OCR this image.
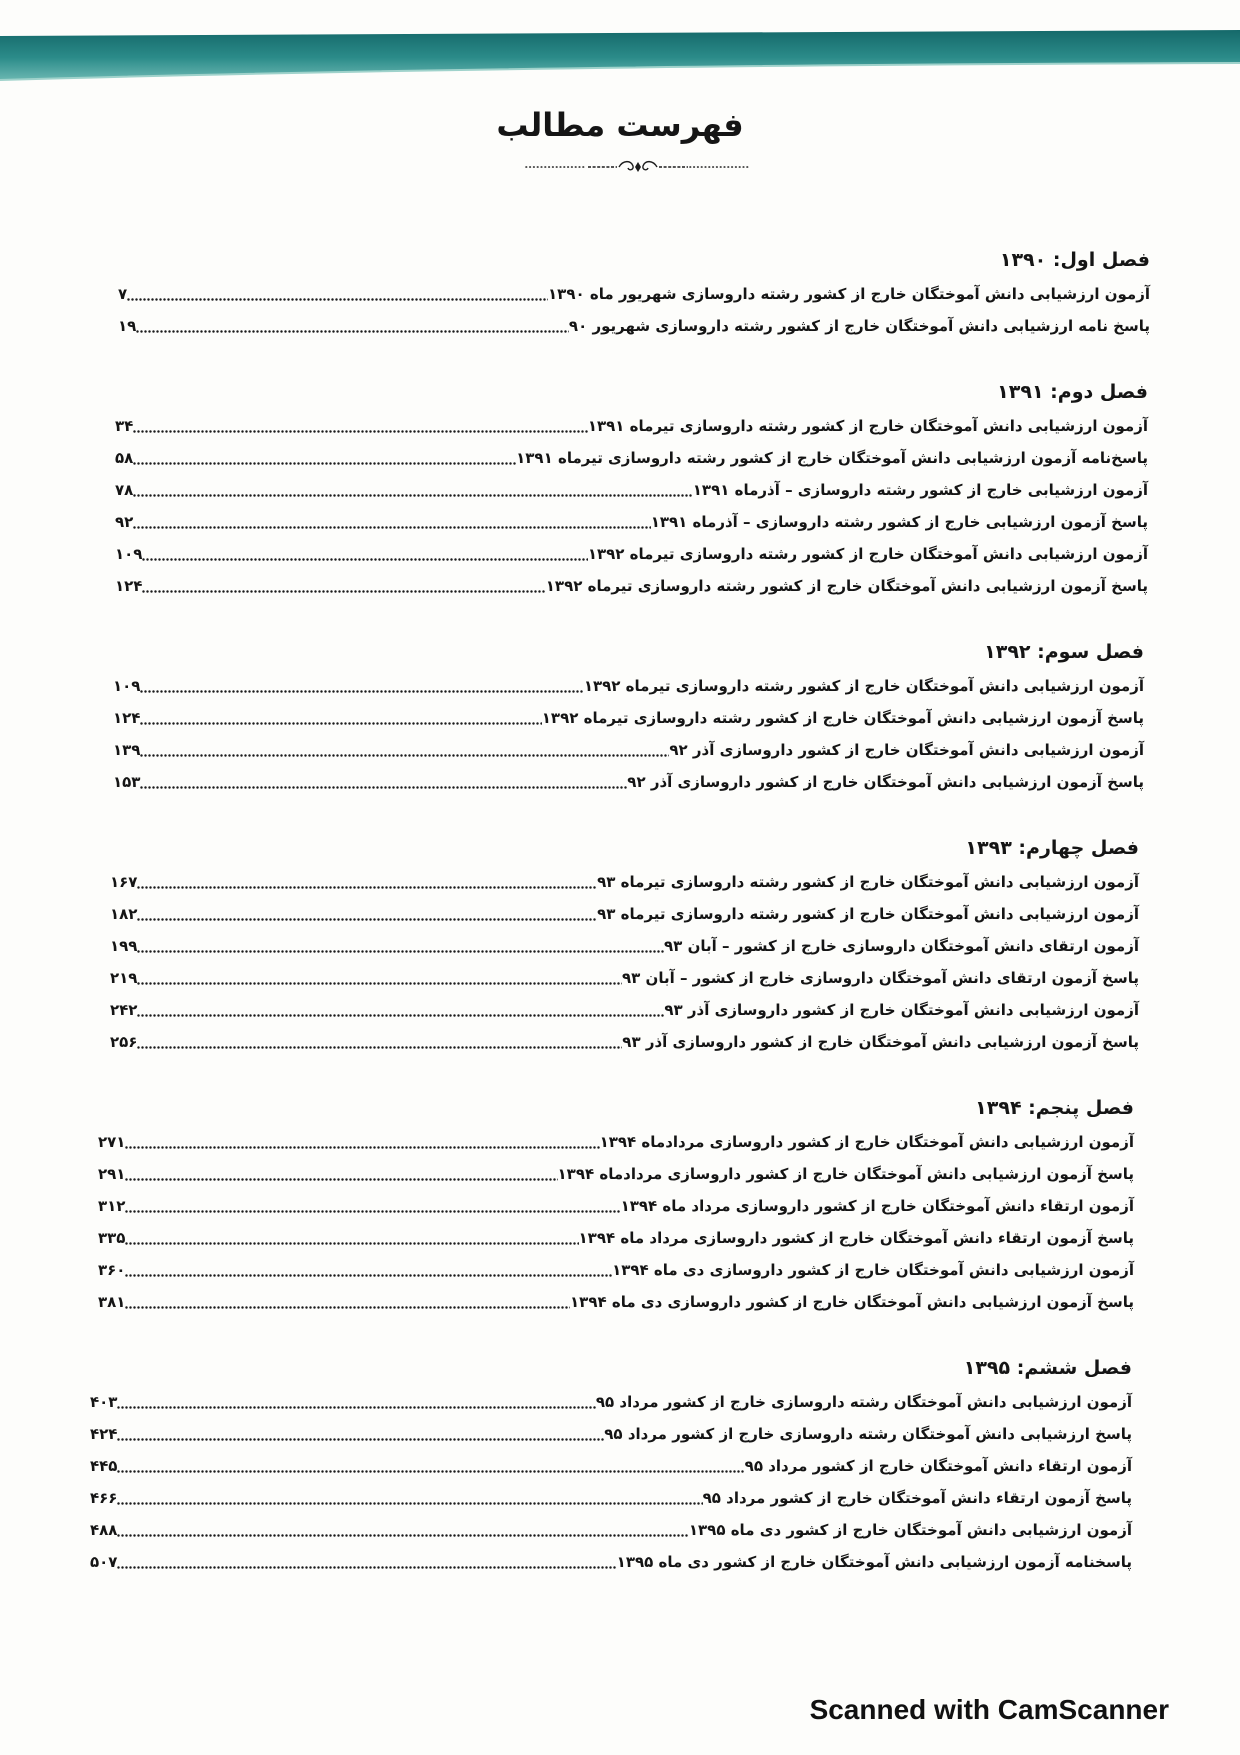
فهرست مطالب
فصل اول: ۱۳۹۰
آزمون ارزشیابی دانش آموختگان خارج از کشور رشته داروسازی شهریور ماه ۱۳۹۰
۷
پاسخ نامه ارزشیابی دانش آموختگان خارج از کشور رشته داروسازی شهریور ۹۰
۱۹
فصل دوم: ۱۳۹۱
آزمون ارزشیابی دانش آموختگان خارج از کشور رشته داروسازی تیرماه ۱۳۹۱
۳۴
پاسخ‌نامه آزمون ارزشیابی دانش آموختگان خارج از کشور رشته داروسازی تیرماه ۱۳۹۱
۵۸
آزمون ارزشیابی خارج از کشور رشته داروسازی – آذرماه ۱۳۹۱
۷۸
پاسخ آزمون ارزشیابی خارج از کشور رشته داروسازی – آذرماه ۱۳۹۱
۹۲
آزمون ارزشیابی دانش آموختگان خارج از کشور رشته داروسازی تیرماه ۱۳۹۲
۱۰۹
پاسخ آزمون ارزشیابی دانش آموختگان خارج از کشور رشته داروسازی تیرماه ۱۳۹۲
۱۲۴
فصل سوم: ۱۳۹۲
آزمون ارزشیابی دانش آموختگان خارج از کشور رشته داروسازی تیرماه ۱۳۹۲
۱۰۹
پاسخ آزمون ارزشیابی دانش آموختگان خارج از کشور رشته داروسازی تیرماه ۱۳۹۲
۱۲۴
آزمون ارزشیابی دانش آموختگان خارج از کشور داروسازی آذر ۹۲
۱۳۹
پاسخ آزمون ارزشیابی دانش آموختگان خارج از کشور داروسازی آذر ۹۲
۱۵۳
فصل چهارم: ۱۳۹۳
آزمون ارزشیابی دانش آموختگان خارج از کشور رشته داروسازی تیرماه ۹۳
۱۶۷
آزمون ارزشیابی دانش آموختگان خارج از کشور رشته داروسازی تیرماه ۹۳
۱۸۲
آزمون ارتقای دانش آموختگان داروسازی خارج از کشور – آبان ۹۳
۱۹۹
پاسخ آزمون ارتقای دانش آموختگان داروسازی خارج از کشور – آبان ۹۳
۲۱۹
آزمون ارزشیابی دانش آموختگان خارج از کشور داروسازی آذر ۹۳
۲۴۲
پاسخ آزمون ارزشیابی دانش آموختگان خارج از کشور داروسازی آذر ۹۳
۲۵۶
فصل پنجم: ۱۳۹۴
آزمون ارزشیابی دانش آموختگان خارج از کشور داروسازی مردادماه ۱۳۹۴
۲۷۱
پاسخ آزمون ارزشیابی دانش آموختگان خارج از کشور داروسازی مردادماه ۱۳۹۴
۲۹۱
آزمون ارتقاء دانش آموختگان خارج از کشور داروسازی مرداد ماه ۱۳۹۴
۳۱۲
پاسخ آزمون ارتقاء دانش آموختگان خارج از کشور داروسازی مرداد ماه ۱۳۹۴
۳۳۵
آزمون ارزشیابی دانش آموختگان خارج از کشور داروسازی دی ماه ۱۳۹۴
۳۶۰
پاسخ آزمون ارزشیابی دانش آموختگان خارج از کشور داروسازی دی ماه ۱۳۹۴
۳۸۱
فصل ششم: ۱۳۹۵
آزمون ارزشیابی دانش آموختگان رشته داروسازی خارج از کشور مرداد ۹۵
۴۰۳
پاسخ ارزشیابی دانش آموختگان رشته داروسازی خارج از کشور مرداد ۹۵
۴۲۴
آزمون ارتقاء دانش آموختگان خارج از کشور مرداد ۹۵
۴۴۵
پاسخ آزمون ارتقاء دانش آموختگان خارج از کشور مرداد ۹۵
۴۶۶
آزمون ارزشیابی دانش آموختگان خارج از کشور دی ماه ۱۳۹۵
۴۸۸
پاسخنامه آزمون ارزشیابی دانش آموختگان خارج از کشور دی ماه ۱۳۹۵
۵۰۷
Scanned with CamScanner
